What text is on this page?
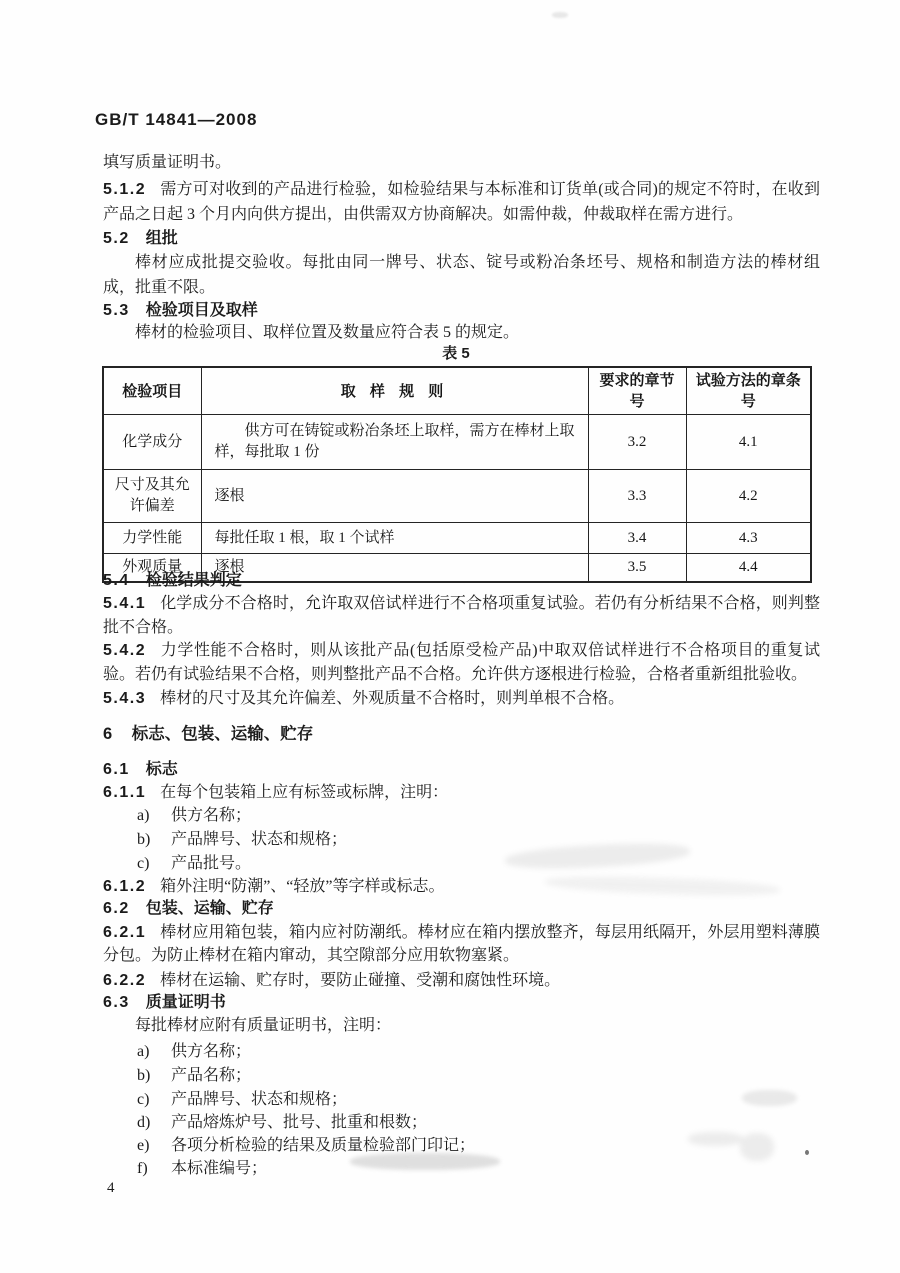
GB/T 14841—2008
填写质量证明书。
5.1.2 需方可对收到的产品进行检验，如检验结果与本标准和订货单(或合同)的规定不符时，在收到产品之日起 3 个月内向供方提出，由供需双方协商解决。如需仲裁，仲裁取样在需方进行。
5.2 组批
棒材应成批提交验收。每批由同一牌号、状态、锭号或粉冶条坯号、规格和制造方法的棒材组成，批重不限。
5.3 检验项目及取样
棒材的检验项目、取样位置及数量应符合表 5 的规定。
表 5
检验项目	取 样 规 则	要求的章节号	试验方法的章条号
化学成分	供方可在铸锭或粉冶条坯上取样，需方在棒材上取样，每批取 1 份	3.2	4.1
尺寸及其允许偏差	逐根	3.3	4.2
力学性能	每批任取 1 根，取 1 个试样	3.4	4.3
外观质量	逐根	3.5	4.4
5.4 检验结果判定
5.4.1 化学成分不合格时，允许取双倍试样进行不合格项重复试验。若仍有分析结果不合格，则判整批不合格。
5.4.2 力学性能不合格时，则从该批产品(包括原受检产品)中取双倍试样进行不合格项目的重复试验。若仍有试验结果不合格，则判整批产品不合格。允许供方逐根进行检验，合格者重新组批验收。
5.4.3 棒材的尺寸及其允许偏差、外观质量不合格时，则判单根不合格。
6 标志、包装、运输、贮存
6.1 标志
6.1.1 在每个包装箱上应有标签或标牌，注明：
a) 供方名称；
b) 产品牌号、状态和规格；
c) 产品批号。
6.1.2 箱外注明“防潮”、“轻放”等字样或标志。
6.2 包装、运输、贮存
6.2.1 棒材应用箱包装，箱内应衬防潮纸。棒材应在箱内摆放整齐，每层用纸隔开，外层用塑料薄膜分包。为防止棒材在箱内窜动，其空隙部分应用软物塞紧。
6.2.2 棒材在运输、贮存时，要防止碰撞、受潮和腐蚀性环境。
6.3 质量证明书
每批棒材应附有质量证明书，注明：
a) 供方名称；
b) 产品名称；
c) 产品牌号、状态和规格；
d) 产品熔炼炉号、批号、批重和根数；
e) 各项分析检验的结果及质量检验部门印记；
f) 本标准编号；
4
